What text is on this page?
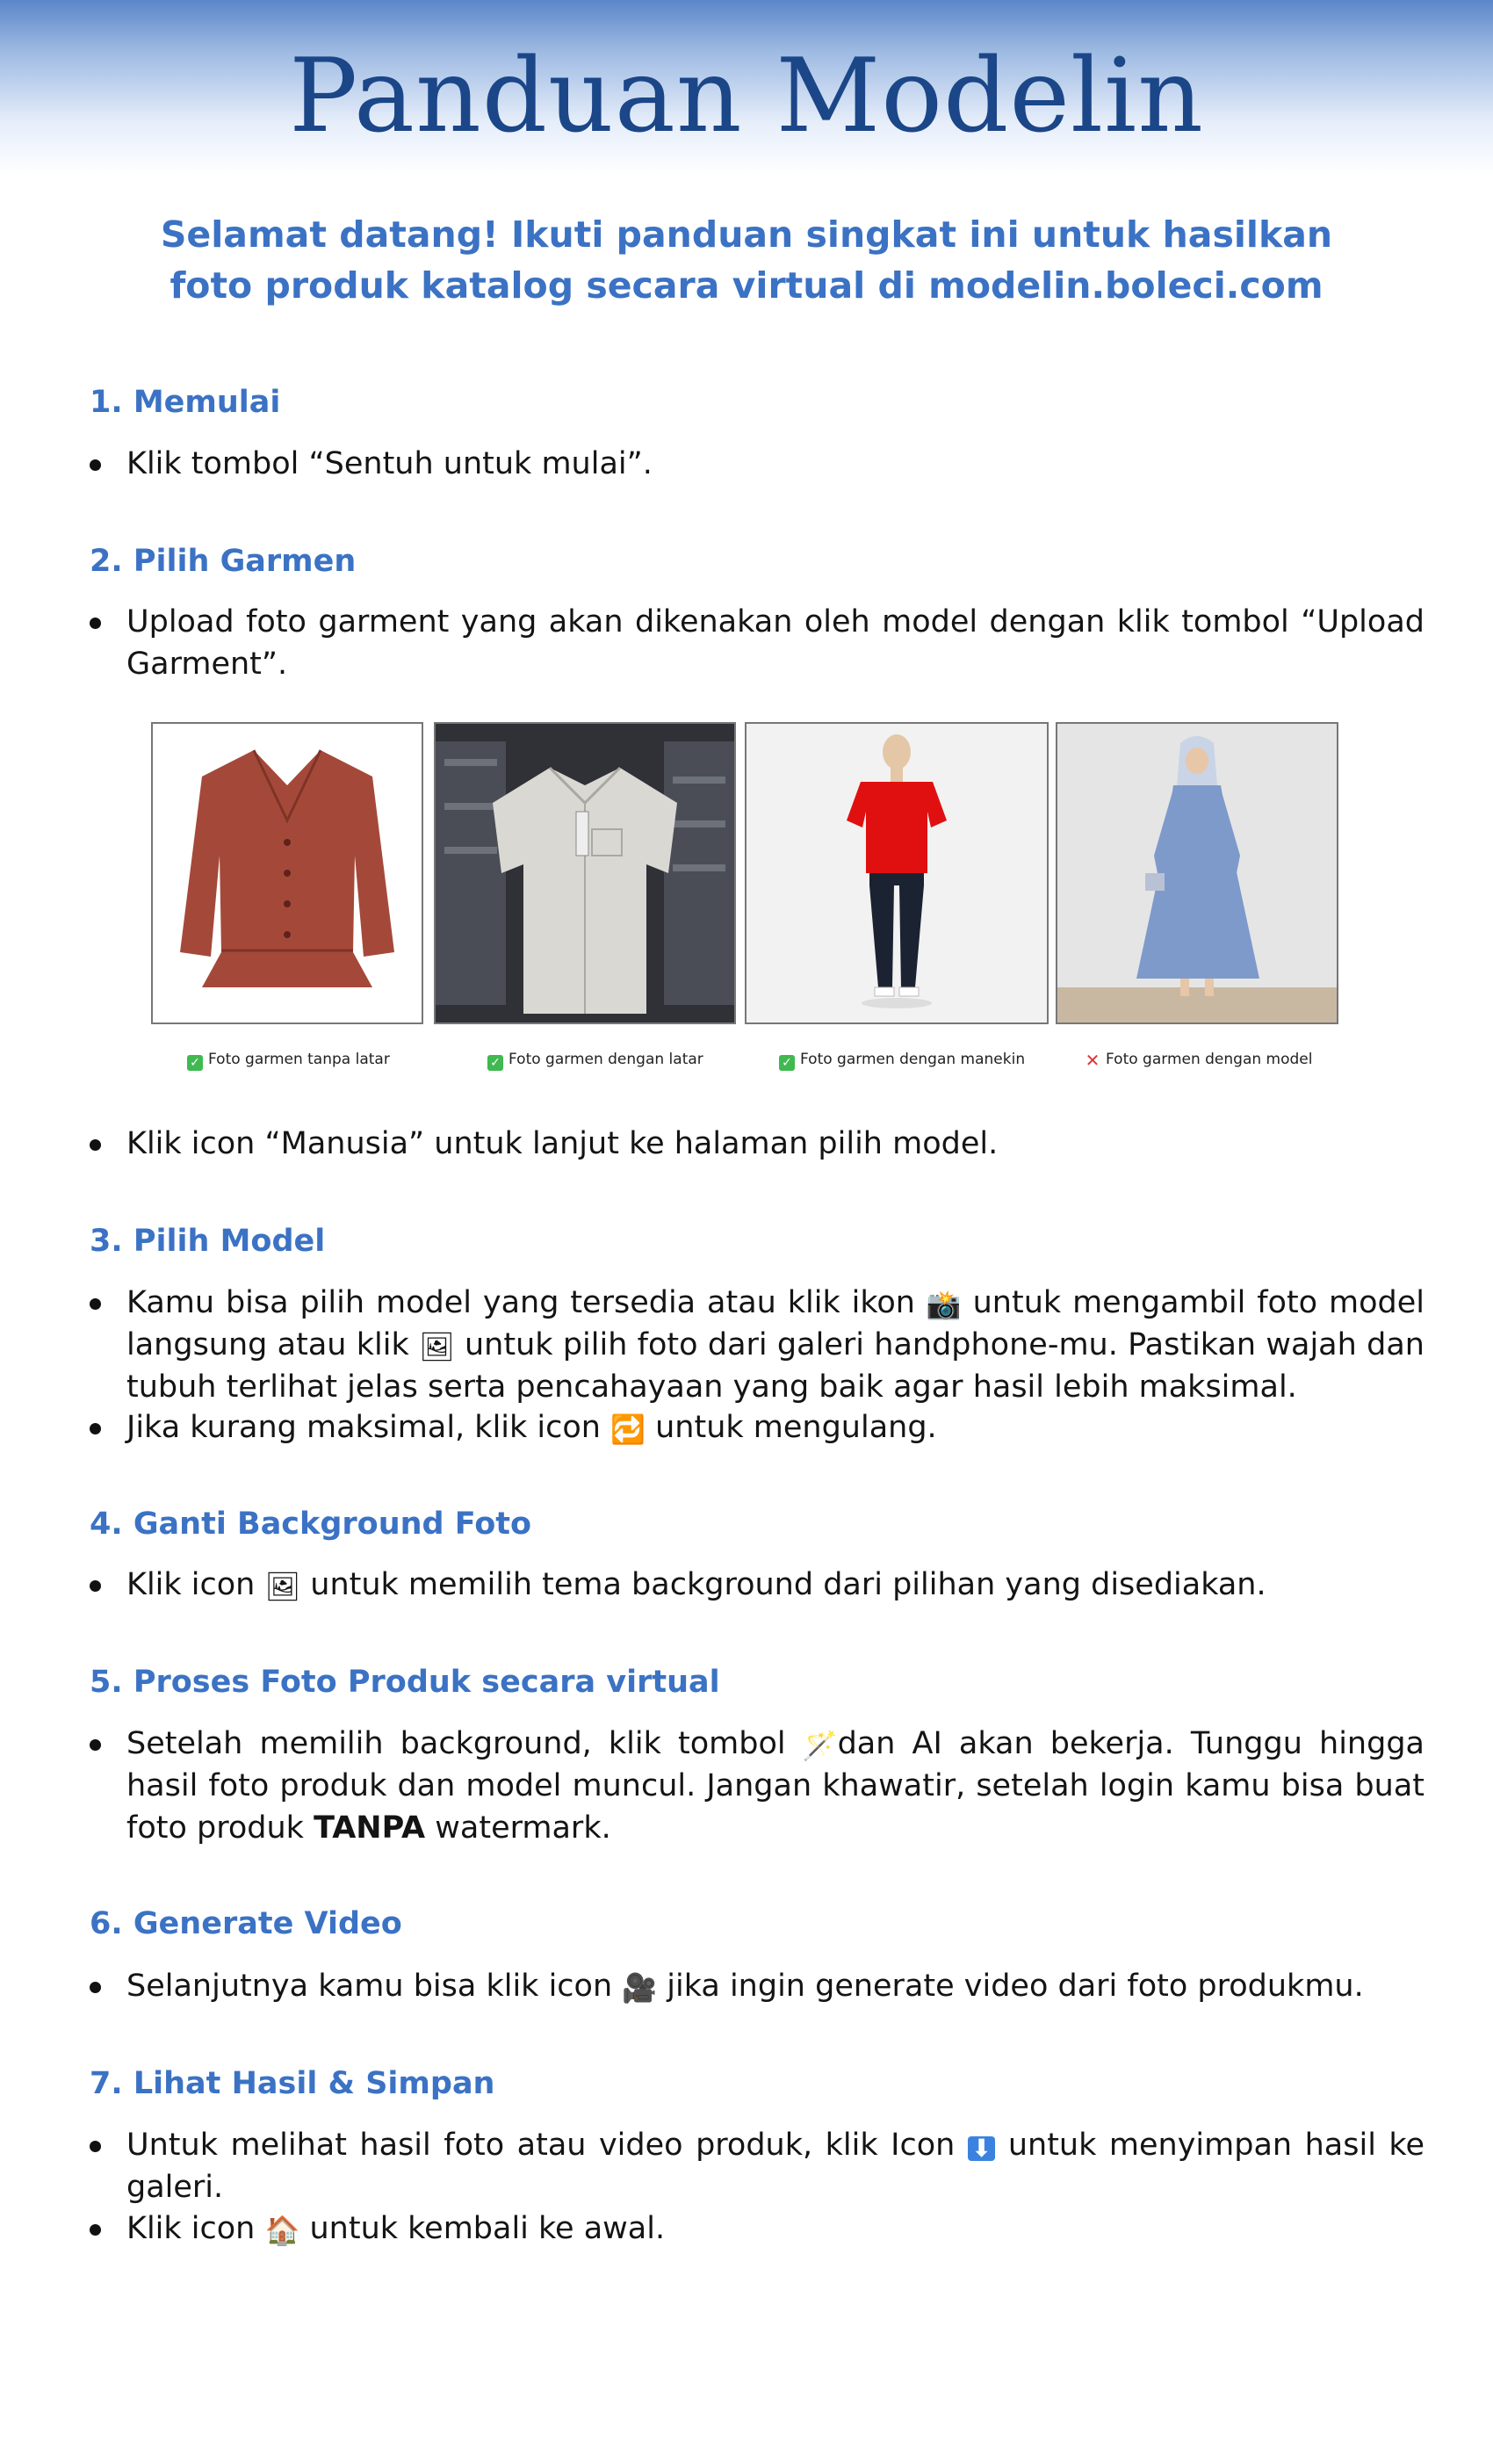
Panduan Modelin
Selamat datang! Ikuti panduan singkat ini untuk hasilkan foto produk katalog secara virtual di modelin.boleci.com
1. Memulai
Klik tombol “Sentuh untuk mulai”.
2. Pilih Garmen
Upload foto garment yang akan dikenakan oleh model dengan klik tombol “Upload Garment”.
✓ Foto garmen tanpa latar	✓ Foto garmen dengan latar	✓ Foto garmen dengan manekin	✕ Foto garmen dengan model
Klik icon “Manusia” untuk lanjut ke halaman pilih model.
3. Pilih Model
Kamu bisa pilih model yang tersedia atau klik ikon 📸 untuk mengambil foto model langsung atau klik 🖼 untuk pilih foto dari galeri handphone-mu. Pastikan wajah dan tubuh terlihat jelas serta pencahayaan yang baik agar hasil lebih maksimal.
Jika kurang maksimal, klik icon 🔁 untuk mengulang.
4. Ganti Background Foto
Klik icon 🖼 untuk memilih tema background dari pilihan yang disediakan.
5. Proses Foto Produk secara virtual
Setelah memilih background, klik tombol 🪄dan AI akan bekerja. Tunggu hingga hasil foto produk dan model muncul. Jangan khawatir, setelah login kamu bisa buat foto produk TANPA watermark.
6. Generate Video
Selanjutnya kamu bisa klik icon 🎥 jika ingin generate video dari foto produkmu.
7. Lihat Hasil & Simpan
Untuk melihat hasil foto atau video produk, klik Icon ⬇ untuk menyimpan hasil ke galeri.
Klik icon 🏠 untuk kembali ke awal.
